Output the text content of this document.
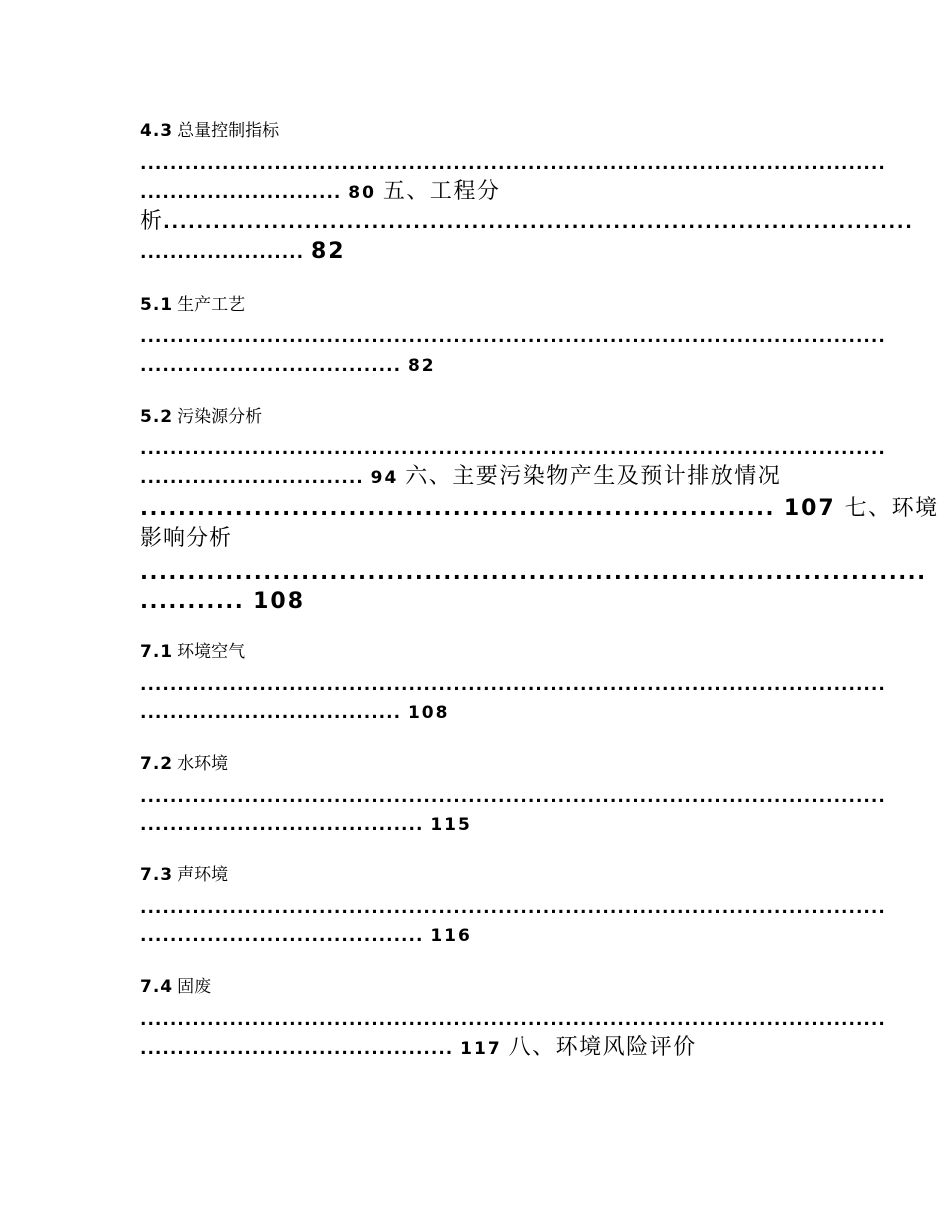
4.3 总量控制指标
....................................................................................................
........................... 80 五、工程分
析..........................................................................................
...................... 82
5.1 生产工艺
....................................................................................................
................................... 82
5.2 污染源分析
....................................................................................................
.............................. 94 六、主要污染物产生及预计排放情况
................................................................... 107 七、环境
影响分析
...................................................................................
........... 108
7.1 环境空气
....................................................................................................
................................... 108
7.2 水环境
....................................................................................................
...................................... 115
7.3 声环境
....................................................................................................
...................................... 116
7.4 固废
....................................................................................................
.......................................... 117 八、环境风险评价
